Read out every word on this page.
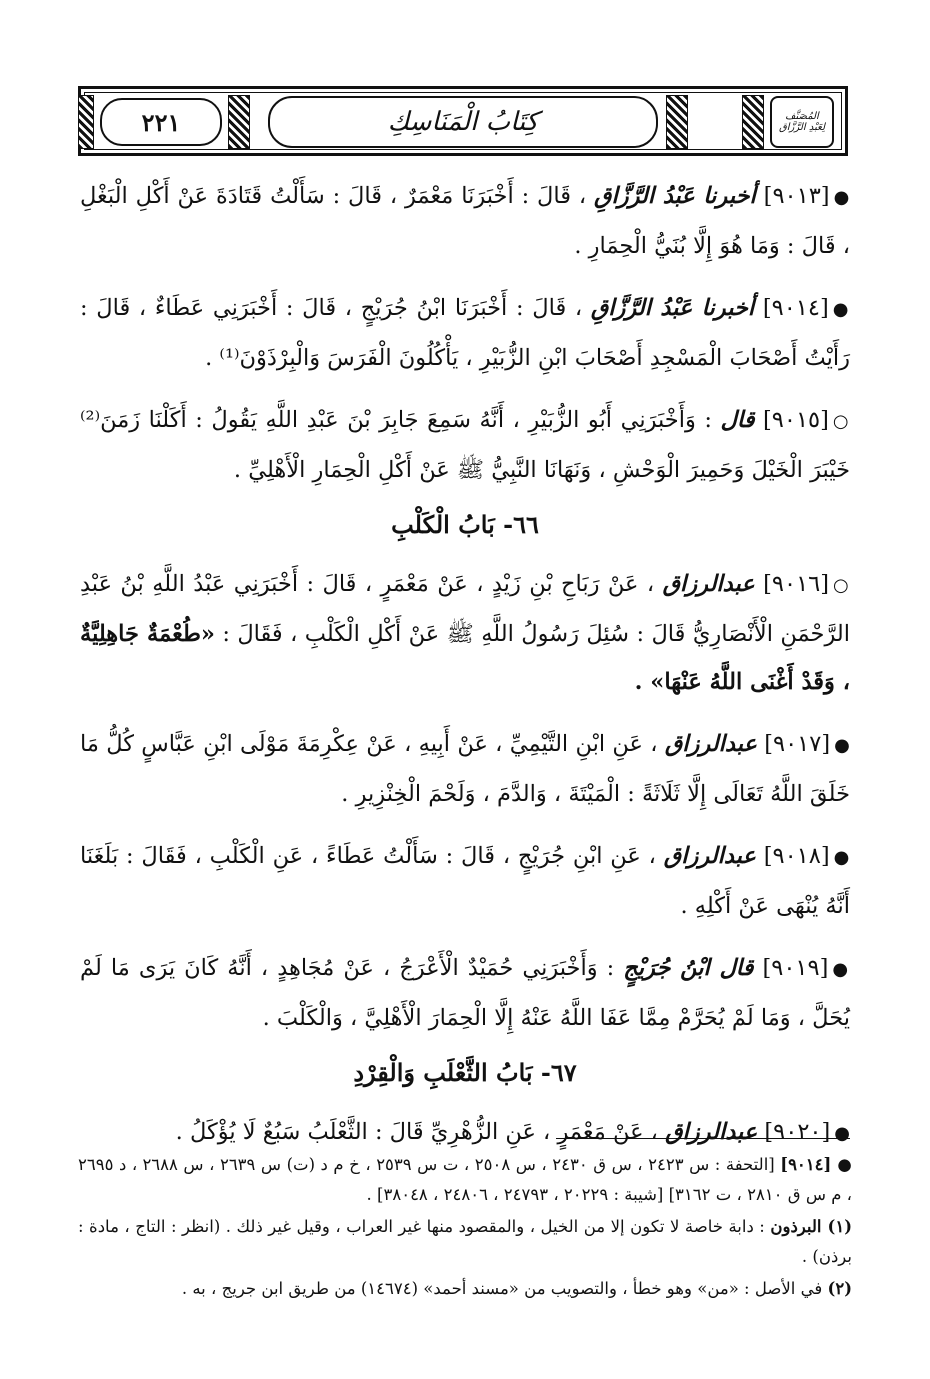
المُصَنَّف
لِعَبْدِ الرَّزَّاق
كِتَابُ الْمَنَاسِكِ
٢٢١
●[٩٠١٣] أخبرنا عَبْدُ الرَّزَّاقِ ، قَالَ : أَخْبَرَنَا مَعْمَرٌ ، قَالَ : سَأَلْتُ قَتَادَةَ عَنْ أَكْلِ الْبَغْلِ ، قَالَ : وَمَا هُوَ إِلَّا بُنَيُّ الْحِمَارِ .
●[٩٠١٤] أخبرنا عَبْدُ الرَّزَّاقِ ، قَالَ : أَخْبَرَنَا ابْنُ جُرَيْجٍ ، قَالَ : أَخْبَرَنِي عَطَاءٌ ، قَالَ : رَأَيْتُ أَصْحَابَ الْمَسْجِدِ أَصْحَابَ ابْنِ الزُّبَيْرِ ، يَأْكُلُونَ الْفَرَسَ وَالْبِرْذَوْنَ⁽¹⁾ .
○[٩٠١٥] قال : وَأَخْبَرَنِي أَبُو الزُّبَيْرِ ، أَنَّهُ سَمِعَ جَابِرَ بْنَ عَبْدِ اللَّهِ يَقُولُ : أَكَلْنَا زَمَنَ⁽²⁾ خَيْبَرَ الْخَيْلَ وَحَمِيرَ الْوَحْشِ ، وَنَهَانَا النَّبِيُّ ﷺ عَنْ أَكْلِ الْحِمَارِ الْأَهْلِيِّ .
٦٦- بَابُ الْكَلْبِ
○[٩٠١٦] عبدالرزاق ، عَنْ رَبَاحِ بْنِ زَيْدٍ ، عَنْ مَعْمَرٍ ، قَالَ : أَخْبَرَنِي عَبْدُ اللَّهِ بْنُ عَبْدِ الرَّحْمَنِ الْأَنْصَارِيُّ قَالَ : سُئِلَ رَسُولُ اللَّهِ ﷺ عَنْ أَكْلِ الْكَلْبِ ، فَقَالَ : «طُعْمَةٌ جَاهِلِيَّةٌ ، وَقَدْ أَغْنَى اللَّهُ عَنْهَا» .
●[٩٠١٧] عبدالرزاق ، عَنِ ابْنِ التَّيْمِيِّ ، عَنْ أَبِيهِ ، عَنْ عِكْرِمَةَ مَوْلَى ابْنِ عَبَّاسٍ كُلُّ مَا خَلَقَ اللَّهُ تَعَالَى إِلَّا ثَلَاثَةً : الْمَيْتَةَ ، وَالدَّمَ ، وَلَحْمَ الْخِنْزِيرِ .
●[٩٠١٨] عبدالرزاق ، عَنِ ابْنِ جُرَيْجٍ ، قَالَ : سَأَلْتُ عَطَاءً ، عَنِ الْكَلْبِ ، فَقَالَ : بَلَغَنَا أَنَّهُ يُنْهَى عَنْ أَكْلِهِ .
●[٩٠١٩] قال ابْنُ جُرَيْجٍ : وَأَخْبَرَنِي حُمَيْدٌ الْأَعْرَجُ ، عَنْ مُجَاهِدٍ ، أَنَّهُ كَانَ يَرَى مَا لَمْ يُحَلَّ ، وَمَا لَمْ يُحَرَّمْ مِمَّا عَفَا اللَّهُ عَنْهُ إِلَّا الْحِمَارَ الْأَهْلِيَّ ، وَالْكَلْبَ .
٦٧- بَابُ الثَّعْلَبِ وَالْقِرْدِ
●[٩٠٢٠] عبدالرزاق ، عَنْ مَعْمَرٍ ، عَنِ الزُّهْرِيِّ قَالَ : الثَّعْلَبُ سَبُعٌ لَا يُؤْكَلُ .
● [٩٠١٤] [التحفة : س ٢٤٢٣ ، س ق ٢٤٣٠ ، س ٢٥٠٨ ، ت س ٢٥٣٩ ، خ م د (ت) س ٢٦٣٩ ، س ٢٦٨٨ ، د ٢٦٩٥ ، م س ق ٢٨١٠ ، ت ٣١٦٢] [شيبة : ٢٠٢٢٩ ، ٢٤٧٩٣ ، ٢٤٨٠٦ ، ٣٨٠٤٨] .
(١) البرذون : دابة خاصة لا تكون إلا من الخيل ، والمقصود منها غير العراب ، وقيل غير ذلك . (انظر : التاج ، مادة : برذن) .
(٢) في الأصل : «من» وهو خطأ ، والتصويب من «مسند أحمد» (١٤٦٧٤) من طريق ابن جريج ، به .
